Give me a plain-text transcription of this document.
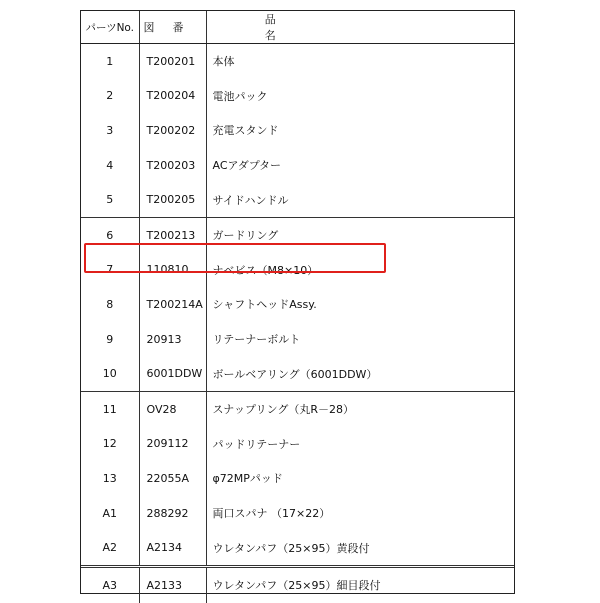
パーツNo.	図番	品名
1	T200201	本体
2	T200204	電池パック
3	T200202	充電スタンド
4	T200203	ACアダプター
5	T200205	サイドハンドル
6	T200213	ガードリング
7	110810	ナベビス（M8×10）
8	T200214A	シャフトヘッドAssy.
9	20913	リテーナーボルト
10	6001DDW	ボールベアリング（6001DDW）
11	OV28	スナップリング（丸R－28）
12	209112	パッドリテーナー
13	22055A	φ72MPパッド
A1	288292	両口スパナ （17×22）
A2	A2134	ウレタンパフ（25×95）黄段付
A3	A2133	ウレタンパフ（25×95）細目段付
